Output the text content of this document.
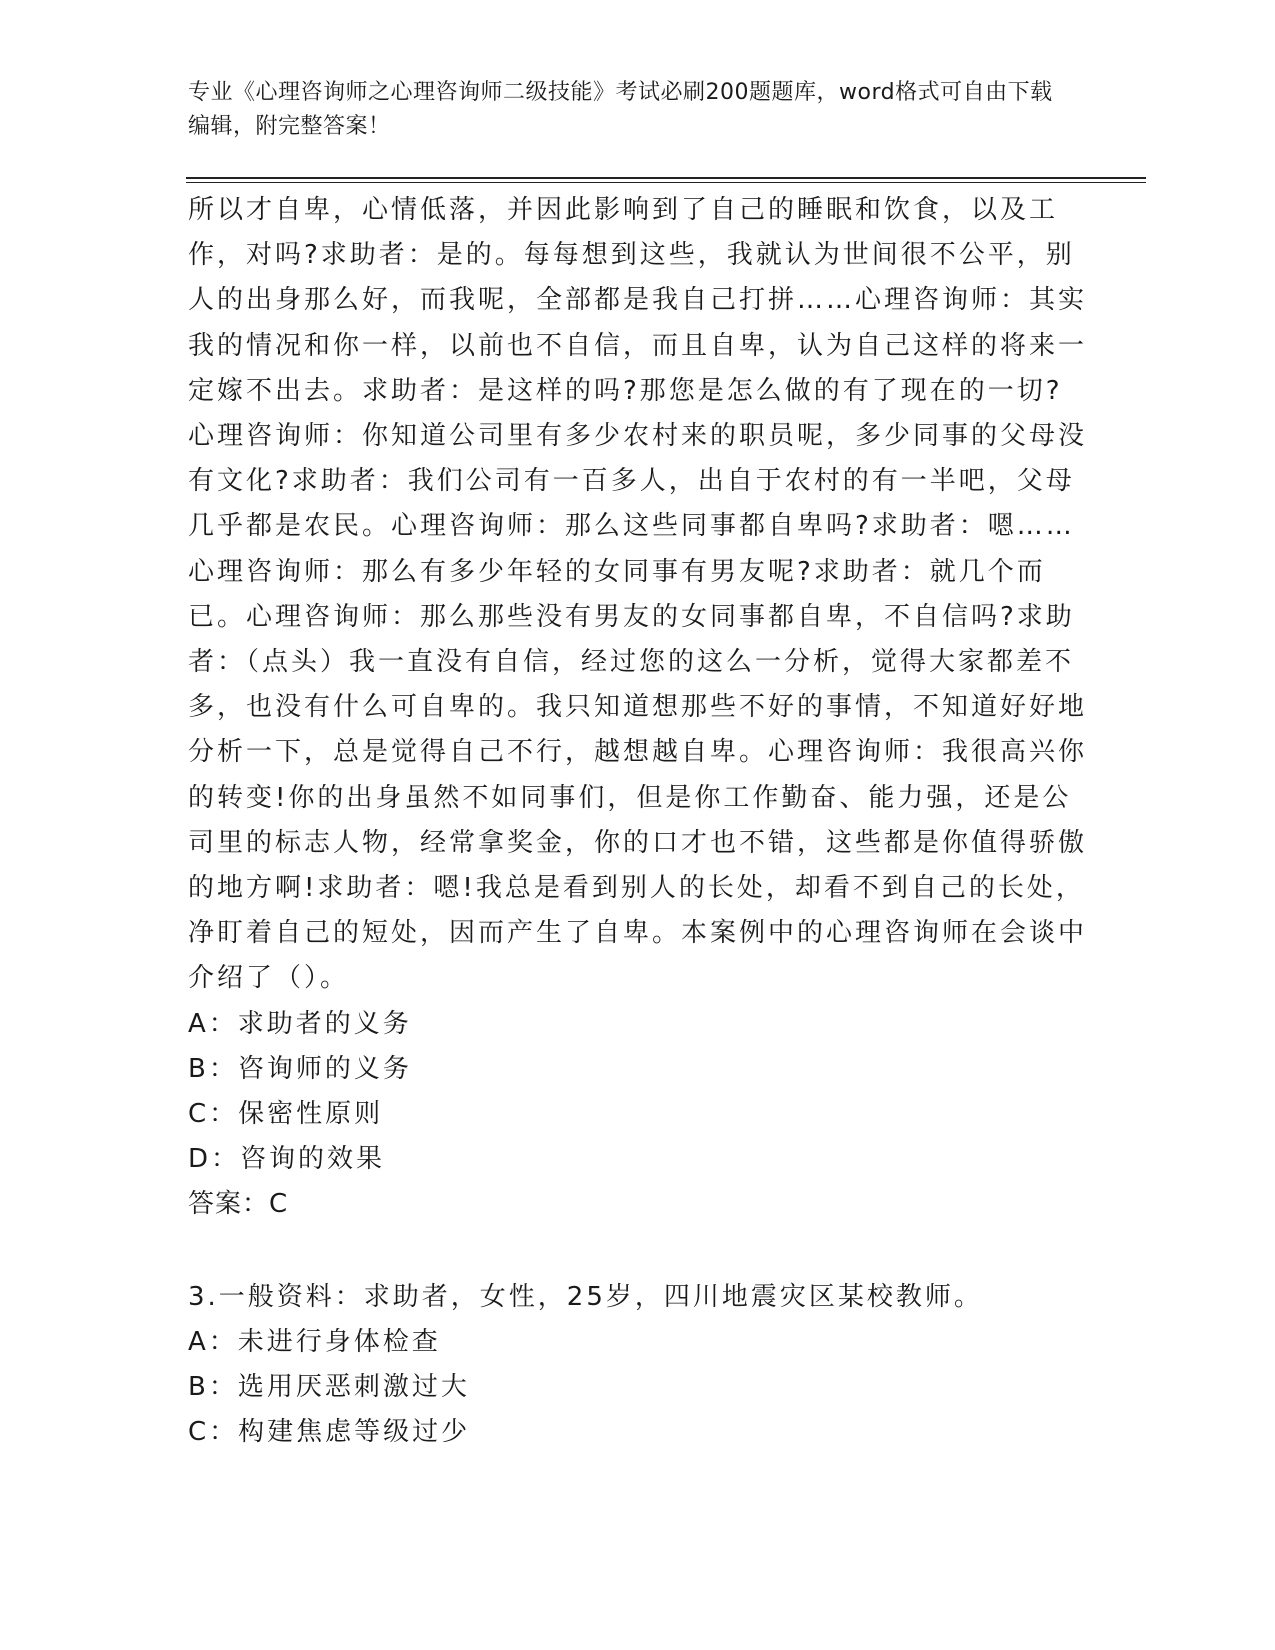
专业《心理咨询师之心理咨询师二级技能》考试必刷200题题库，word格式可自由下载编辑，附完整答案！

所以才自卑，心情低落，并因此影响到了自己的睡眠和饮食，以及工作，对吗?求助者：是的。每每想到这些，我就认为世间很不公平，别人的出身那么好，而我呢，全部都是我自己打拼……心理咨询师：其实我的情况和你一样，以前也不自信，而且自卑，认为自己这样的将来一定嫁不出去。求助者：是这样的吗?那您是怎么做的有了现在的一切?心理咨询师：你知道公司里有多少农村来的职员呢，多少同事的父母没有文化?求助者：我们公司有一百多人，出自于农村的有一半吧，父母几乎都是农民。心理咨询师：那么这些同事都自卑吗?求助者：嗯……心理咨询师：那么有多少年轻的女同事有男友呢?求助者：就几个而已。心理咨询师：那么那些没有男友的女同事都自卑，不自信吗?求助者：（点头）我一直没有自信，经过您的这么一分析，觉得大家都差不多，也没有什么可自卑的。我只知道想那些不好的事情，不知道好好地分析一下，总是觉得自己不行，越想越自卑。心理咨询师：我很高兴你的转变!你的出身虽然不如同事们，但是你工作勤奋、能力强，还是公司里的标志人物，经常拿奖金，你的口才也不错，这些都是你值得骄傲的地方啊!求助者：嗯!我总是看到别人的长处，却看不到自己的长处，净盯着自己的短处，因而产生了自卑。本案例中的心理咨询师在会谈中介绍了（）。

A：求助者的义务

B：咨询师的义务

C：保密性原则

D：咨询的效果

答案：C

3.一般资料：求助者，女性，25岁，四川地震灾区某校教师。

A：未进行身体检查

B：选用厌恶刺激过大

C：构建焦虑等级过少
